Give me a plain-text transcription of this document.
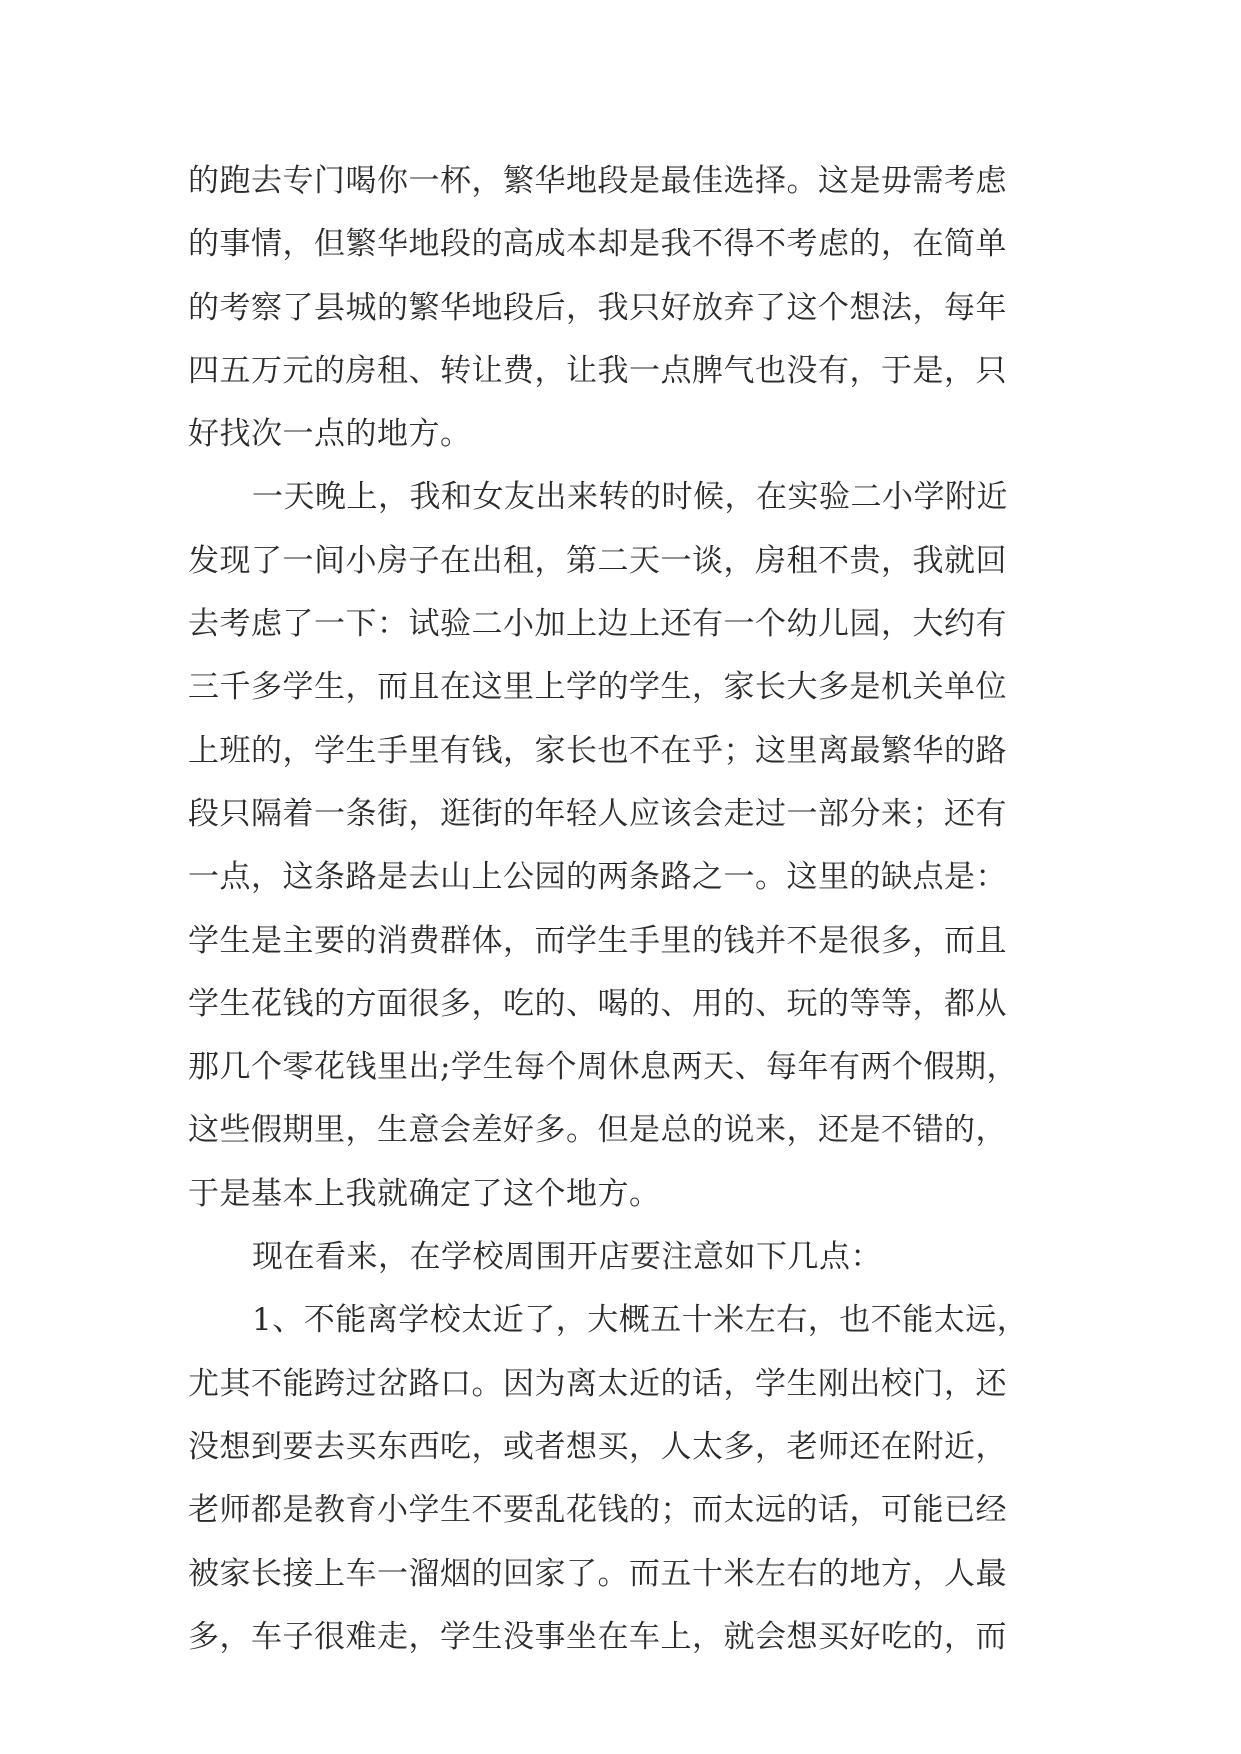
的跑去专门喝你一杯，繁华地段是最佳选择。这是毋需考虑
的事情，但繁华地段的高成本却是我不得不考虑的，在简单
的考察了县城的繁华地段后，我只好放弃了这个想法，每年
四五万元的房租、转让费，让我一点脾气也没有，于是，只
好找次一点的地方。
一天晚上，我和女友出来转的时候，在实验二小学附近
发现了一间小房子在出租，第二天一谈，房租不贵，我就回
去考虑了一下：试验二小加上边上还有一个幼儿园，大约有
三千多学生，而且在这里上学的学生，家长大多是机关单位
上班的，学生手里有钱，家长也不在乎；这里离最繁华的路
段只隔着一条街，逛街的年轻人应该会走过一部分来；还有
一点，这条路是去山上公园的两条路之一。这里的缺点是：
学生是主要的消费群体，而学生手里的钱并不是很多，而且
学生花钱的方面很多，吃的、喝的、用的、玩的等等，都从
那几个零花钱里出;学生每个周休息两天、每年有两个假期，
这些假期里，生意会差好多。但是总的说来，还是不错的，
于是基本上我就确定了这个地方。
现在看来，在学校周围开店要注意如下几点：
1、不能离学校太近了，大概五十米左右，也不能太远，
尤其不能跨过岔路口。因为离太近的话，学生刚出校门，还
没想到要去买东西吃，或者想买，人太多，老师还在附近，
老师都是教育小学生不要乱花钱的；而太远的话，可能已经
被家长接上车一溜烟的回家了。而五十米左右的地方，人最
多，车子很难走，学生没事坐在车上，就会想买好吃的，而
